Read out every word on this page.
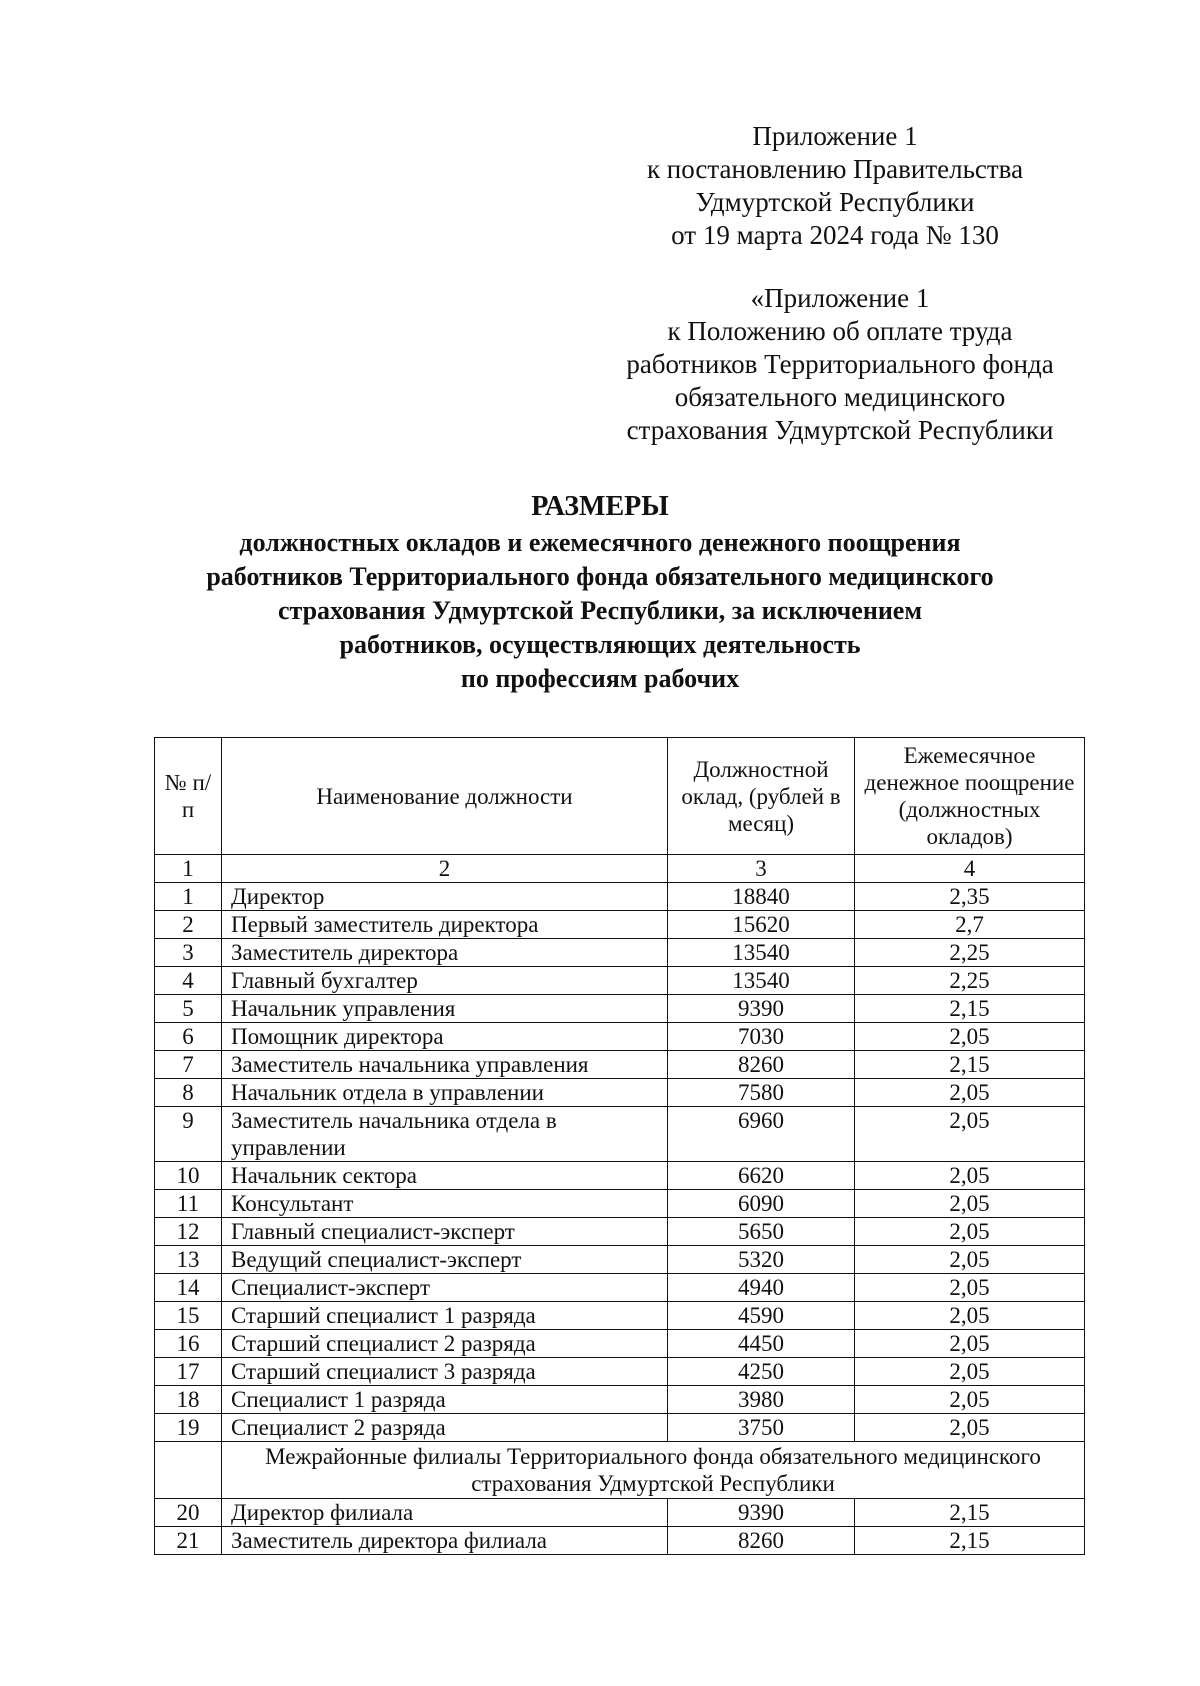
Приложение 1
к постановлению Правительства
Удмуртской Республики
от 19 марта 2024 года № 130
«Приложение 1
к Положению об оплате труда
работников Территориального фонда
обязательного медицинского
страхования Удмуртской Республики
РАЗМЕРЫ
должностных окладов и ежемесячного денежного поощрения
работников Территориального фонда обязательного медицинского
страхования Удмуртской Республики, за исключением
работников, осуществляющих деятельность
по профессиям рабочих
№ п/п	Наименование должности	Должностной оклад, (рублей в месяц)	Ежемесячное денежное поощрение (должностных окладов)
1	2	3	4
1	Директор	18840	2,35
2	Первый заместитель директора	15620	2,7
3	Заместитель директора	13540	2,25
4	Главный бухгалтер	13540	2,25
5	Начальник управления	9390	2,15
6	Помощник директора	7030	2,05
7	Заместитель начальника управления	8260	2,15
8	Начальник отдела в управлении	7580	2,05
9	Заместитель начальника отдела в управлении	6960	2,05
10	Начальник сектора	6620	2,05
11	Консультант	6090	2,05
12	Главный специалист-эксперт	5650	2,05
13	Ведущий специалист-эксперт	5320	2,05
14	Специалист-эксперт	4940	2,05
15	Старший специалист 1 разряда	4590	2,05
16	Старший специалист 2 разряда	4450	2,05
17	Старший специалист 3 разряда	4250	2,05
18	Специалист 1 разряда	3980	2,05
19	Специалист 2 разряда	3750	2,05
	Межрайонные филиалы Территориального фонда обязательного медицинского страхования Удмуртской Республики		
20	Директор филиала	9390	2,15
21	Заместитель директора филиала	8260	2,15
